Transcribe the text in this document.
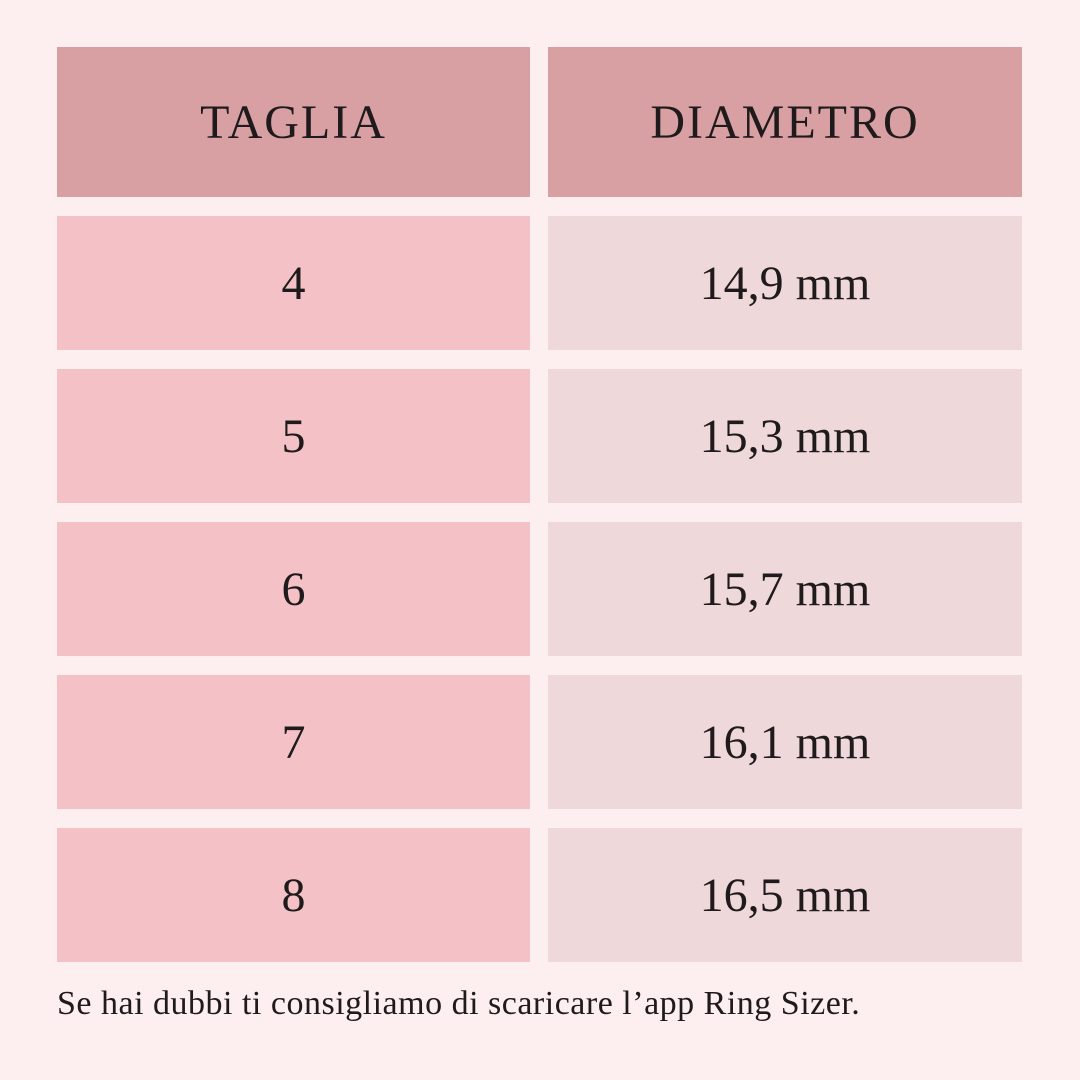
TAGLIA	DIAMETRO
4	14,9 mm
5	15,3 mm
6	15,7 mm
7	16,1 mm
8	16,5 mm
Se hai dubbi ti consigliamo di scaricare l’app Ring Sizer.
